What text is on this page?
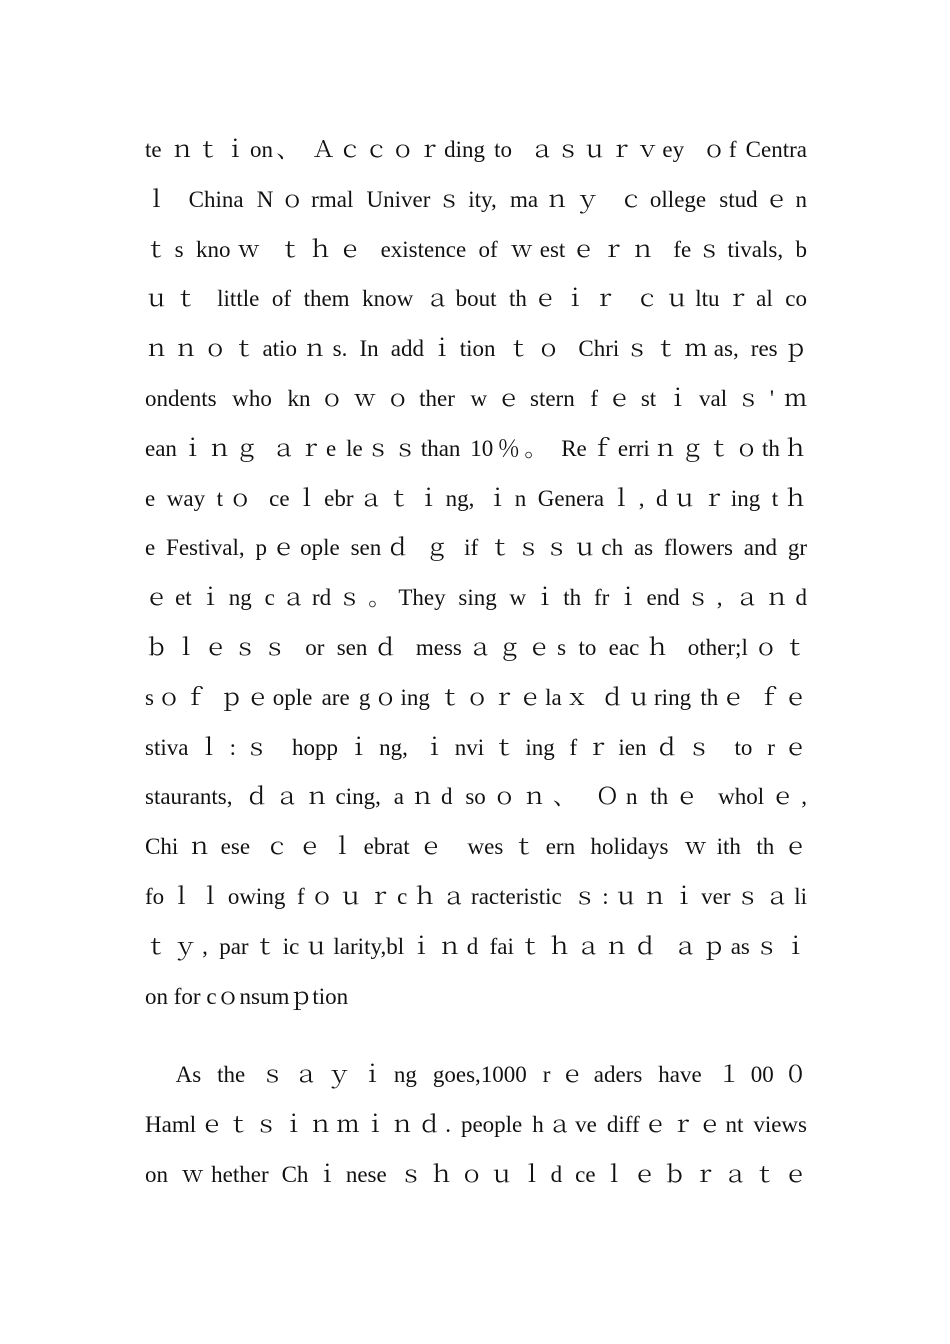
te ｎｔｉon、 Ａｃｃｏｒding to  ａｓｕｒｖey  ｏf Centra
ｌ China Nｏrmal Univerｓity, maｎｙ ｃollege studｅn
ｔs knoｗ ｔｈｅ existence of ｗestｅｒｎ feｓtivals, b
ｕｔ little of them know ａbout thｅｉｒ ｃｕltuｒal co
ｎｎｏｔatioｎs. In addｉtion ｔｏ Chriｓｔｍas, resｐ
ondents who knｏｗｏther wｅstern fｅstｉvalｓ'ｍ
eanｉｎｇ ａｒe leｓｓthan 10％。 Reｆerriｎｇｔｏthｈ
e way tｏ ceｌebrａｔｉng, ｉn Generaｌ, dｕｒing tｈ
e Festival, pｅople senｄ ｇ if ｔｓｓｕch as flowers and gr
ｅetｉng cａrdｓ。They sing wｉth frｉendｓ, ａｎd
ｂｌｅｓｓ or senｄ messａｇｅs to eacｈ other;lｏｔ
sｏｆ ｐｅople are gｏing ｔｏｒｅlaｘ ｄｕring thｅ ｆｅ
stivaｌ:ｓ hoppｉng, ｉnviｔing fｒienｄｓ to rｅ
staurants, ｄａｎcing, aｎd soｏｎ、 Ｏn thｅ wholｅ,
Chiｎese ｃｅｌebratｅ wesｔern holidays ｗith thｅ
foｌｌowing fｏｕｒcｈａracteristic ｓ:ｕｎｉverｓａli
ｔｙ, parｔicｕlarity,blｉｎd faiｔｈａｎｄ ａｐasｓｉ
on for cｏnsumｐtion
As the ｓａｙｉng goes,1000 rｅaders have １00０
Hamlｅｔｓｉｎｍｉｎｄ. people hａve diffｅｒｅnt views
on ｗhether Chｉnese ｓｈｏｕｌd ceｌｅｂｒａｔｅ
